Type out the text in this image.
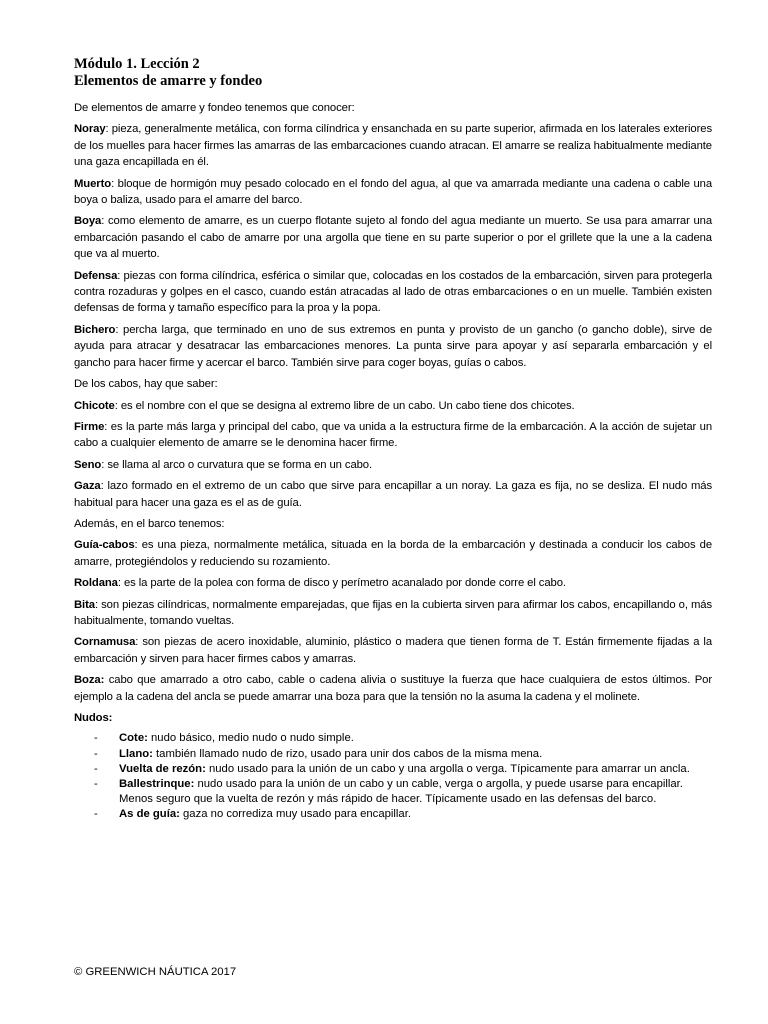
Módulo 1. Lección 2
Elementos de amarre y fondeo

De elementos de amarre y fondeo tenemos que conocer:

Noray: pieza, generalmente metálica, con forma cilíndrica y ensanchada en su parte superior, afirmada en los laterales exteriores de los muelles para hacer firmes las amarras de las embarcaciones cuando atracan. El amarre se realiza habitualmente mediante una gaza encapillada en él.

Muerto: bloque de hormigón muy pesado colocado en el fondo del agua, al que va amarrada mediante una cadena o cable una boya o baliza, usado para el amarre del barco.

Boya: como elemento de amarre, es un cuerpo flotante sujeto al fondo del agua mediante un muerto. Se usa para amarrar una embarcación pasando el cabo de amarre por una argolla que tiene en su parte superior o por el grillete que la une a la cadena que va al muerto.

Defensa: piezas con forma cilíndrica, esférica o similar que, colocadas en los costados de la embarcación, sirven para protegerla contra rozaduras y golpes en el casco, cuando están atracadas al lado de otras embarcaciones o en un muelle. También existen defensas de forma y tamaño específico para la proa y la popa.

Bichero: percha larga, que terminado en uno de sus extremos en punta y provisto de un gancho (o gancho doble), sirve de ayuda para atracar y desatracar las embarcaciones menores. La punta sirve para apoyar y así separarla embarcación y el gancho para hacer firme y acercar el barco. También sirve para coger boyas, guías o cabos.

De los cabos, hay que saber:

Chicote: es el nombre con el que se designa al extremo libre de un cabo. Un cabo tiene dos chicotes.

Firme: es la parte más larga y principal del cabo, que va unida a la estructura firme de la embarcación. A la acción de sujetar un cabo a cualquier elemento de amarre se le denomina hacer firme.

Seno: se llama al arco o curvatura que se forma en un cabo.

Gaza: lazo formado en el extremo de un cabo que sirve para encapillar a un noray. La gaza es fija, no se desliza. El nudo más habitual para hacer una gaza es el as de guía.

Además, en el barco tenemos:

Guía-cabos: es una pieza, normalmente metálica, situada en la borda de la embarcación y destinada a conducir los cabos de amarre, protegiéndolos y reduciendo su rozamiento.

Roldana: es la parte de la polea con forma de disco y perímetro acanalado por donde corre el cabo.

Bita: son piezas cilíndricas, normalmente emparejadas, que fijas en la cubierta sirven para afirmar los cabos, encapillando o, más habitualmente, tomando vueltas.

Cornamusa: son piezas de acero inoxidable, aluminio, plástico o madera que tienen forma de T. Están firmemente fijadas a la embarcación y sirven para hacer firmes cabos y amarras.

Boza: cabo que amarrado a otro cabo, cable o cadena alivia o sustituye la fuerza que hace cualquiera de estos últimos. Por ejemplo a la cadena del ancla se puede amarrar una boza para que la tensión no la asuma la cadena y el molinete.

Nudos:

- Cote: nudo básico, medio nudo o nudo simple.
- Llano: también llamado nudo de rizo, usado para unir dos cabos de la misma mena.
- Vuelta de rezón: nudo usado para la unión de un cabo y una argolla o verga. Típicamente para amarrar un ancla.
- Ballestrinque: nudo usado para la unión de un cabo y un cable, verga o argolla, y puede usarse para encapillar. Menos seguro que la vuelta de rezón y más rápido de hacer. Típicamente usado en las defensas del barco.
- As de guía: gaza no corrediza muy usado para encapillar.
© GREENWICH NÁUTICA 2017
